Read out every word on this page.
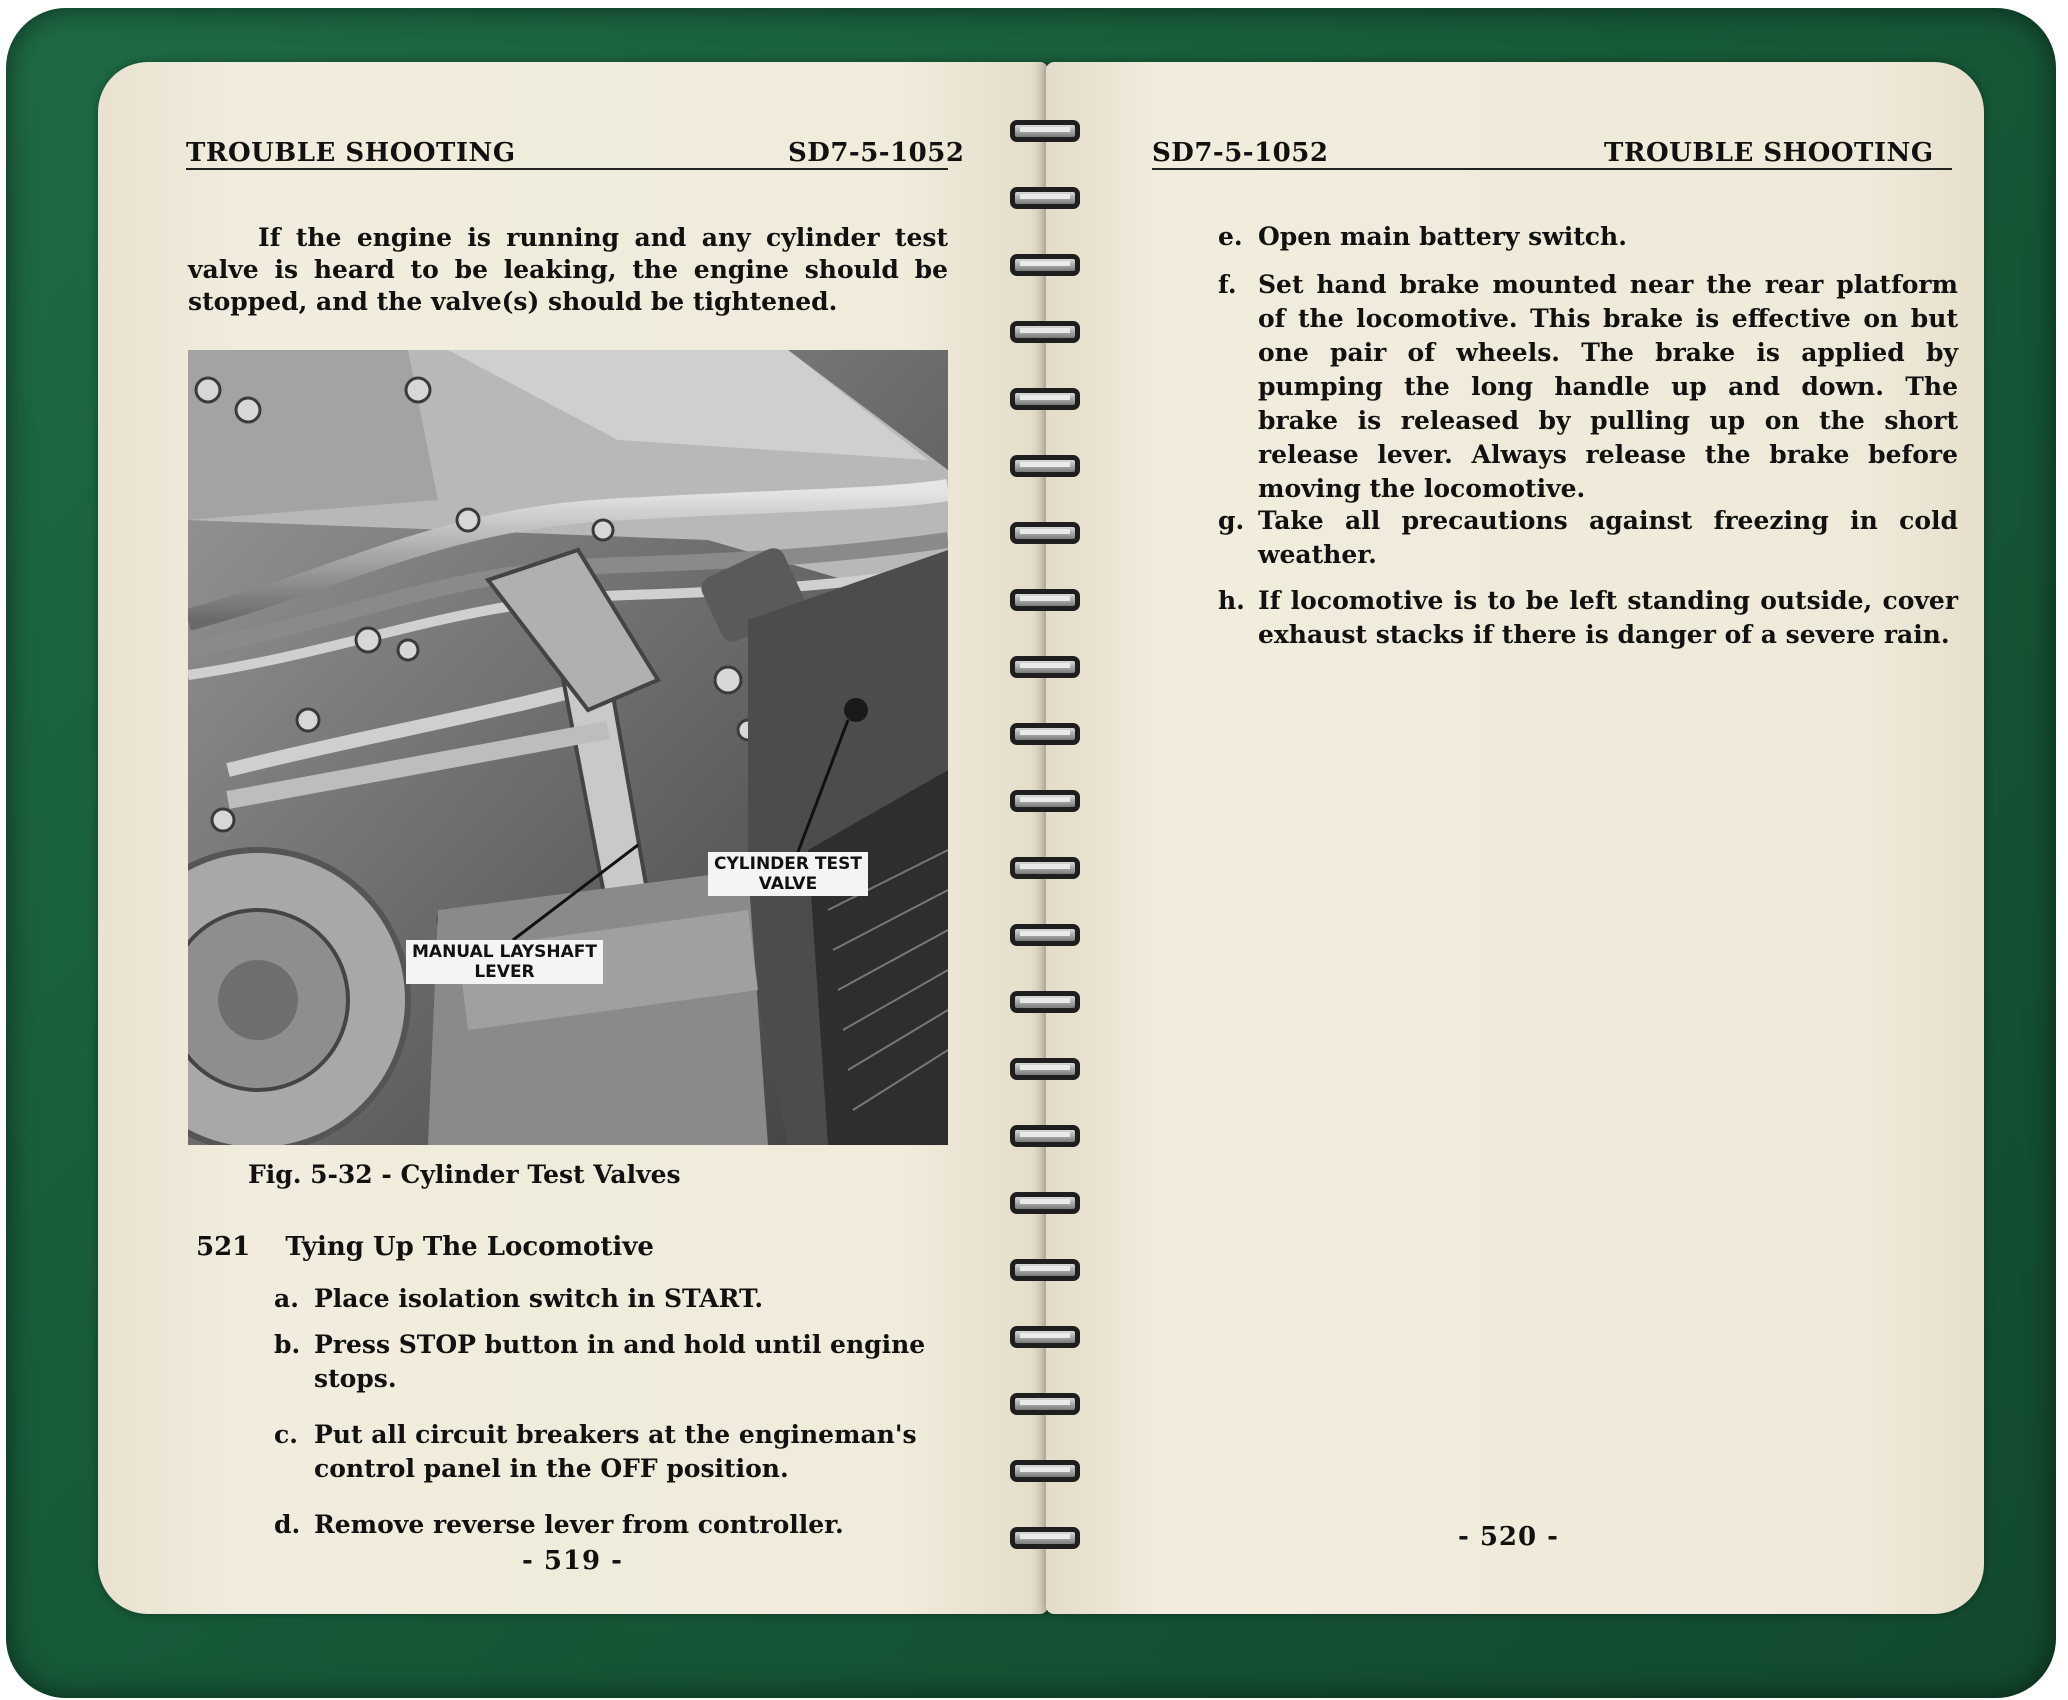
TROUBLE SHOOTING	SD7-5-1052
If the engine is running and any cylinder test valve is heard to be leaking, the engine should be stopped, and the valve(s) should be tightened.
CYLINDER TEST
VALVE
MANUAL LAYSHAFT
LEVER
Fig. 5-32 - Cylinder Test Valves
521 Tying Up The Locomotive
a. Place isolation switch in START.
b. Press STOP button in and hold until engine stops.
c. Put all circuit breakers at the engineman's control panel in the OFF position.
d. Remove reverse lever from controller.
- 519 -
SD7-5-1052	TROUBLE SHOOTING
e. Open main battery switch.
f. Set hand brake mounted near the rear platform of the locomotive. This brake is effective on but one pair of wheels. The brake is applied by pumping the long handle up and down. The brake is released by pulling up on the short release lever. Always release the brake before moving the locomotive.
g. Take all precautions against freezing in cold weather.
h. If locomotive is to be left standing outside, cover exhaust stacks if there is danger of a severe rain.
- 520 -
